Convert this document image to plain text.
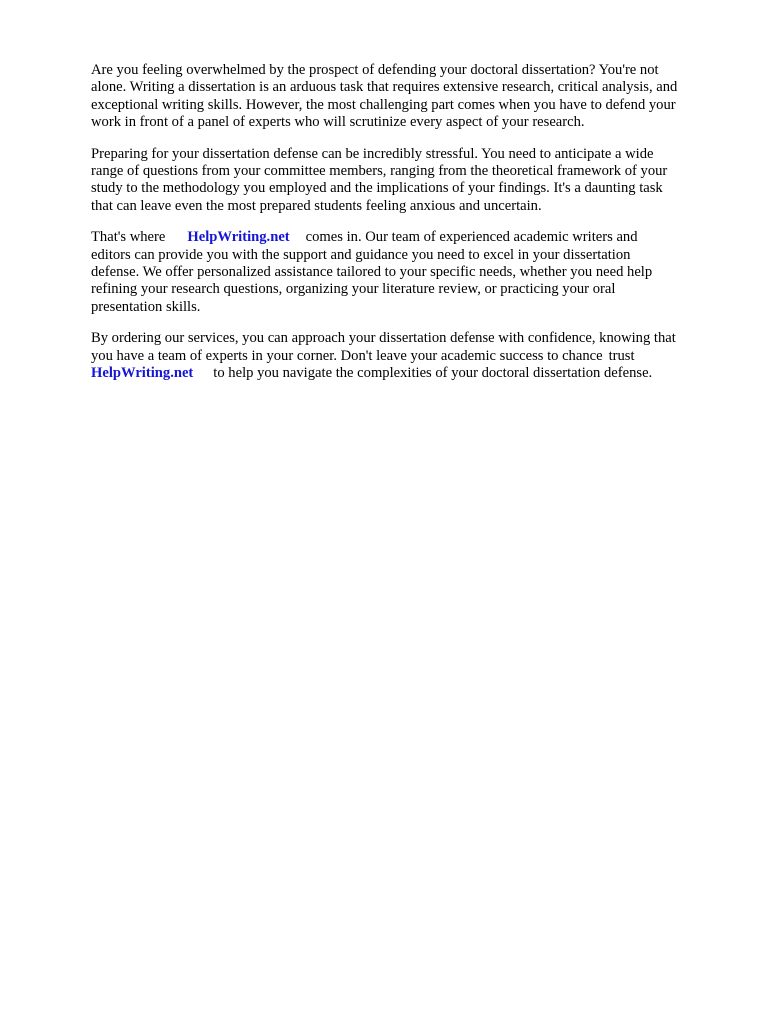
Are you feeling overwhelmed by the prospect of defending your doctoral dissertation? You're not
alone. Writing a dissertation is an arduous task that requires extensive research, critical analysis, and
exceptional writing skills. However, the most challenging part comes when you have to defend your
work in front of a panel of experts who will scrutinize every aspect of your research.

Preparing for your dissertation defense can be incredibly stressful. You need to anticipate a wide
range of questions from your committee members, ranging from the theoretical framework of your
study to the methodology you employed and the implications of your findings. It's a daunting task
that can leave even the most prepared students feeling anxious and uncertain.

That's where HelpWriting.net comes in. Our team of experienced academic writers and
editors can provide you with the support and guidance you need to excel in your dissertation
defense. We offer personalized assistance tailored to your specific needs, whether you need help
refining your research questions, organizing your literature review, or practicing your oral
presentation skills.

By ordering our services, you can approach your dissertation defense with confidence, knowing that
you have a team of experts in your corner. Don't leave your academic success to chance trust
HelpWriting.net to help you navigate the complexities of your doctoral dissertation defense.
